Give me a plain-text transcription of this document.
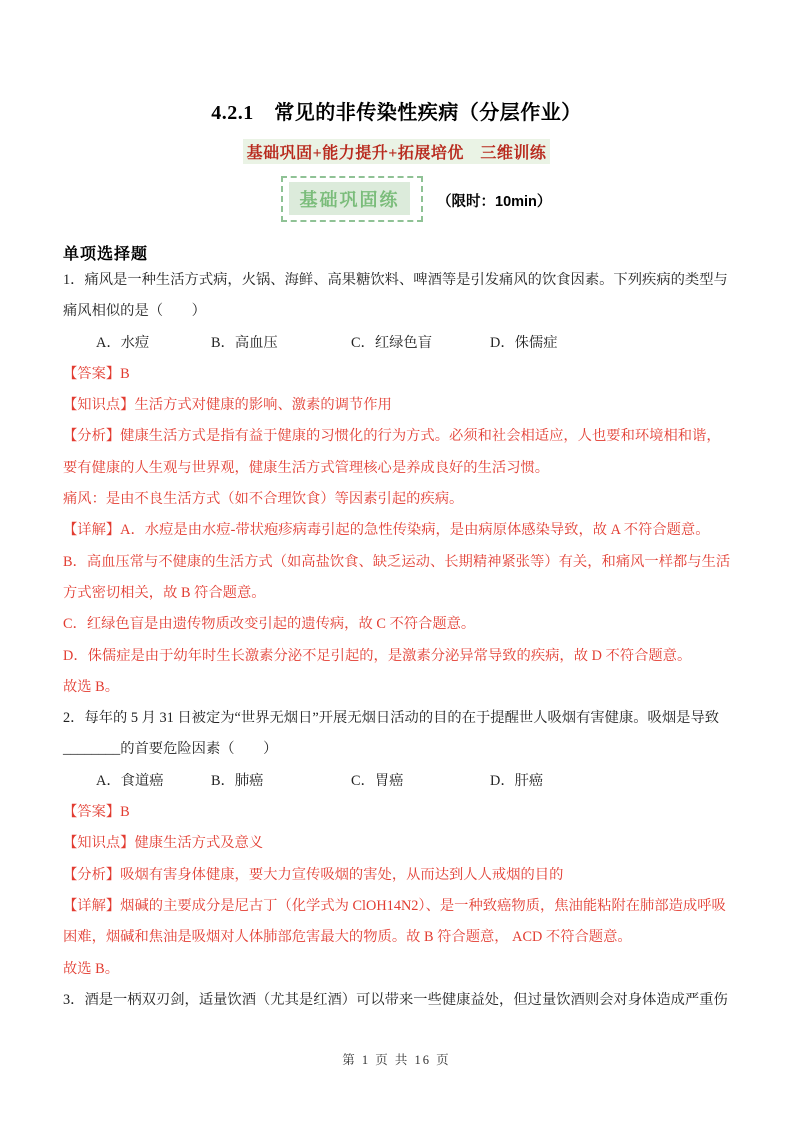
4.2.1　常见的非传染性疾病（分层作业）
基础巩固+能力提升+拓展培优　三维训练
基础巩固练	（限时：10min）
单项选择题
1．痛风是一种生活方式病，火锅、海鲜、高果糖饮料、啤酒等是引发痛风的饮食因素。下列疾病的类型与
痛风相似的是（　　）
A．水痘	B．高血压	C．红绿色盲	D．侏儒症
【答案】B
【知识点】生活方式对健康的影响、激素的调节作用
【分析】健康生活方式是指有益于健康的习惯化的行为方式。必须和社会相适应，人也要和环境相和谐，
要有健康的人生观与世界观，健康生活方式管理核心是养成良好的生活习惯。
痛风：是由不良生活方式（如不合理饮食）等因素引起的疾病。
【详解】A．水痘是由水痘-带状疱疹病毒引起的急性传染病，是由病原体感染导致，故 A 不符合题意。
B．高血压常与不健康的生活方式（如高盐饮食、缺乏运动、长期精神紧张等）有关，和痛风一样都与生活
方式密切相关，故 B 符合题意。
C．红绿色盲是由遗传物质改变引起的遗传病，故 C 不符合题意。
D．侏儒症是由于幼年时生长激素分泌不足引起的，是激素分泌异常导致的疾病，故 D 不符合题意。
故选 B。
2．每年的 5 月 31 日被定为“世界无烟日”开展无烟日活动的目的在于提醒世人吸烟有害健康。吸烟是导致
________的首要危险因素（　　）
A．食道癌	B．肺癌	C．胃癌	D．肝癌
【答案】B
【知识点】健康生活方式及意义
【分析】吸烟有害身体健康，要大力宣传吸烟的害处，从而达到人人戒烟的目的
【详解】烟碱的主要成分是尼古丁（化学式为 ClOH14N2）、是一种致癌物质，焦油能粘附在肺部造成呼吸
困难，烟碱和焦油是吸烟对人体肺部危害最大的物质。故 B 符合题意， ACD 不符合题意。
故选 B。
3．酒是一柄双刃剑，适量饮酒（尤其是红酒）可以带来一些健康益处，但过量饮酒则会对身体造成严重伤
第 1 页 共 16 页
